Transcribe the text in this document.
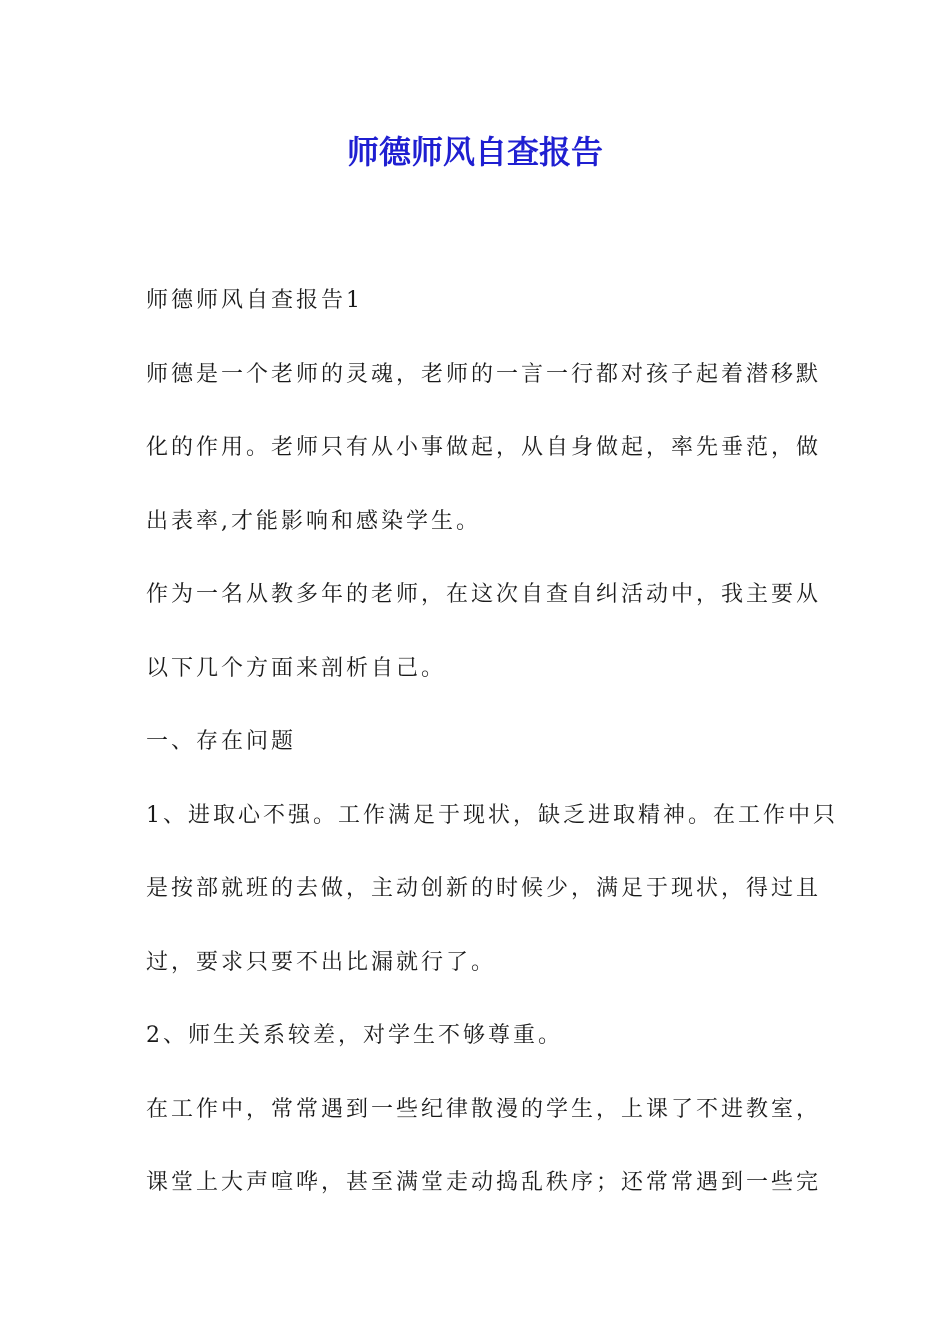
师德师风自查报告

师德师风自查报告1

师德是一个老师的灵魂，老师的一言一行都对孩子起着潜移默

化的作用。老师只有从小事做起，从自身做起，率先垂范，做

出表率,才能影响和感染学生。

作为一名从教多年的老师，在这次自查自纠活动中，我主要从

以下几个方面来剖析自己。

一、存在问题

1、进取心不强。工作满足于现状，缺乏进取精神。在工作中只

是按部就班的去做，主动创新的时候少，满足于现状，得过且

过，要求只要不出比漏就行了。

2、师生关系较差，对学生不够尊重。

在工作中，常常遇到一些纪律散漫的学生，上课了不进教室，

课堂上大声喧哗，甚至满堂走动捣乱秩序；还常常遇到一些完
